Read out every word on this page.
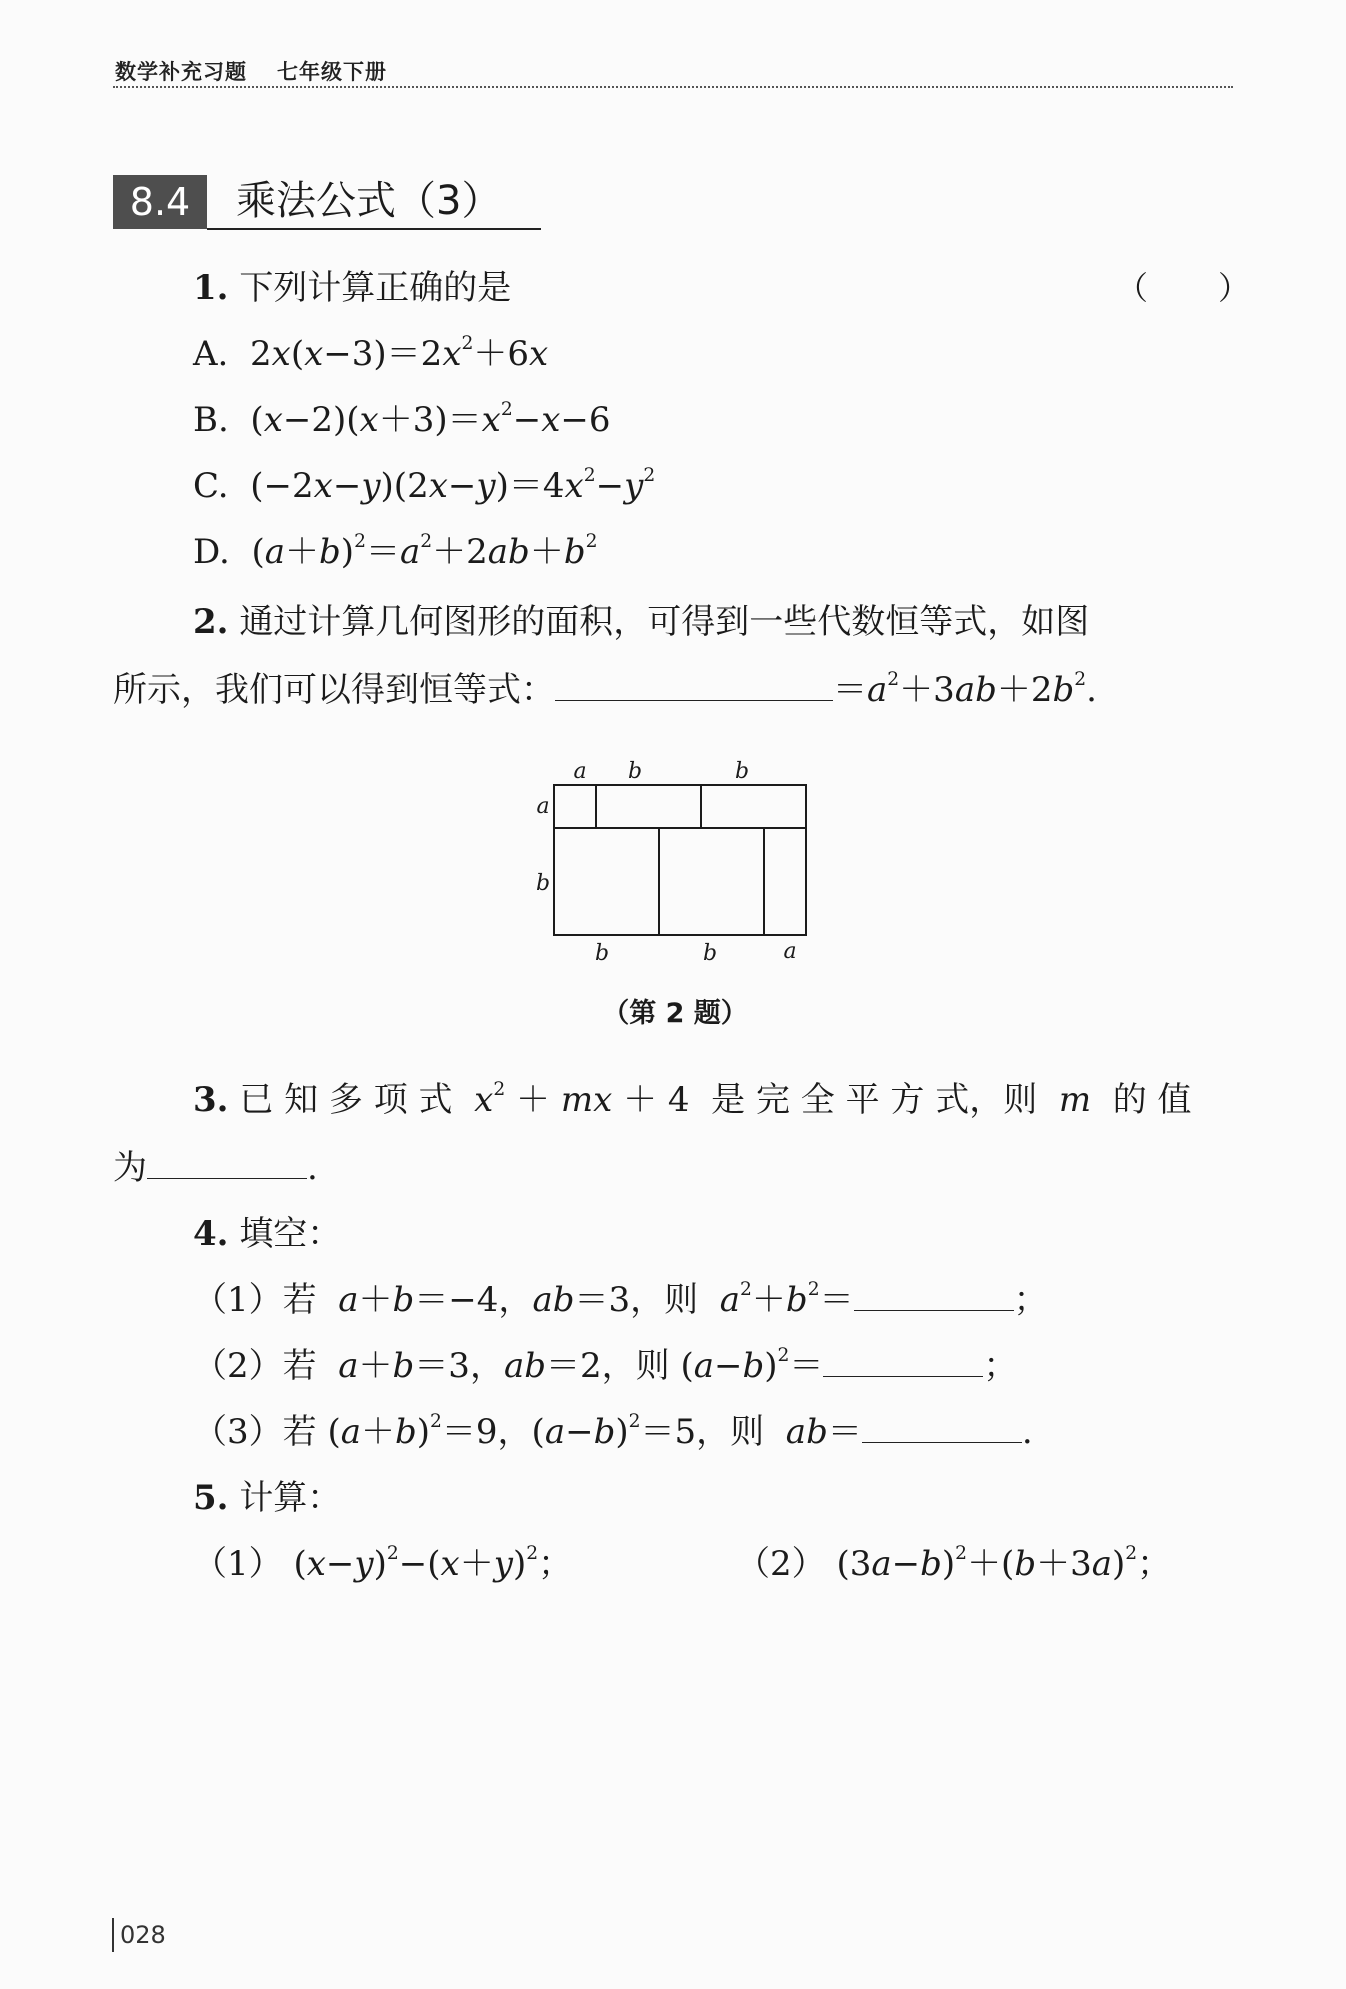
数学补充习题 七年级下册
8.4	乘法公式（3）
1. 下列计算正确的是	（ ）
A.  $2x(x-3)=2x^2+6x$
B.  $(x-2)(x+3)=x^2-x-6$
C.  $(-2x-y)(2x-y)=4x^2-y^2$
D.  $(a+b)^2=a^2+2ab+b^2$
2. 通过计算几何图形的面积，可得到一些代数恒等式，如图
所示，我们可以得到恒等式：	$=a^2+3ab+2b^2$.
a b	b
a
b
b	b	a
（第 2 题）
3. 已 知 多 项 式 $x^2$ ＋ mx ＋ 4  是 完 全 平 方 式，则  m  的 值
为	.
4. 填空：
（1）若 a＋b＝−4，ab＝3，则 $a^2+b^2=$	；
（2）若 a＋b＝3，ab＝2，则 $(a-b)^2=$	；
（3）若 $(a+b)^2=9$，$(a-b)^2=5$，则 ab＝	.
5. 计算：
（1） $(x-y)^2-(x+y)^2$；	（2） $(3a-b)^2+(b+3a)^2$；
028
